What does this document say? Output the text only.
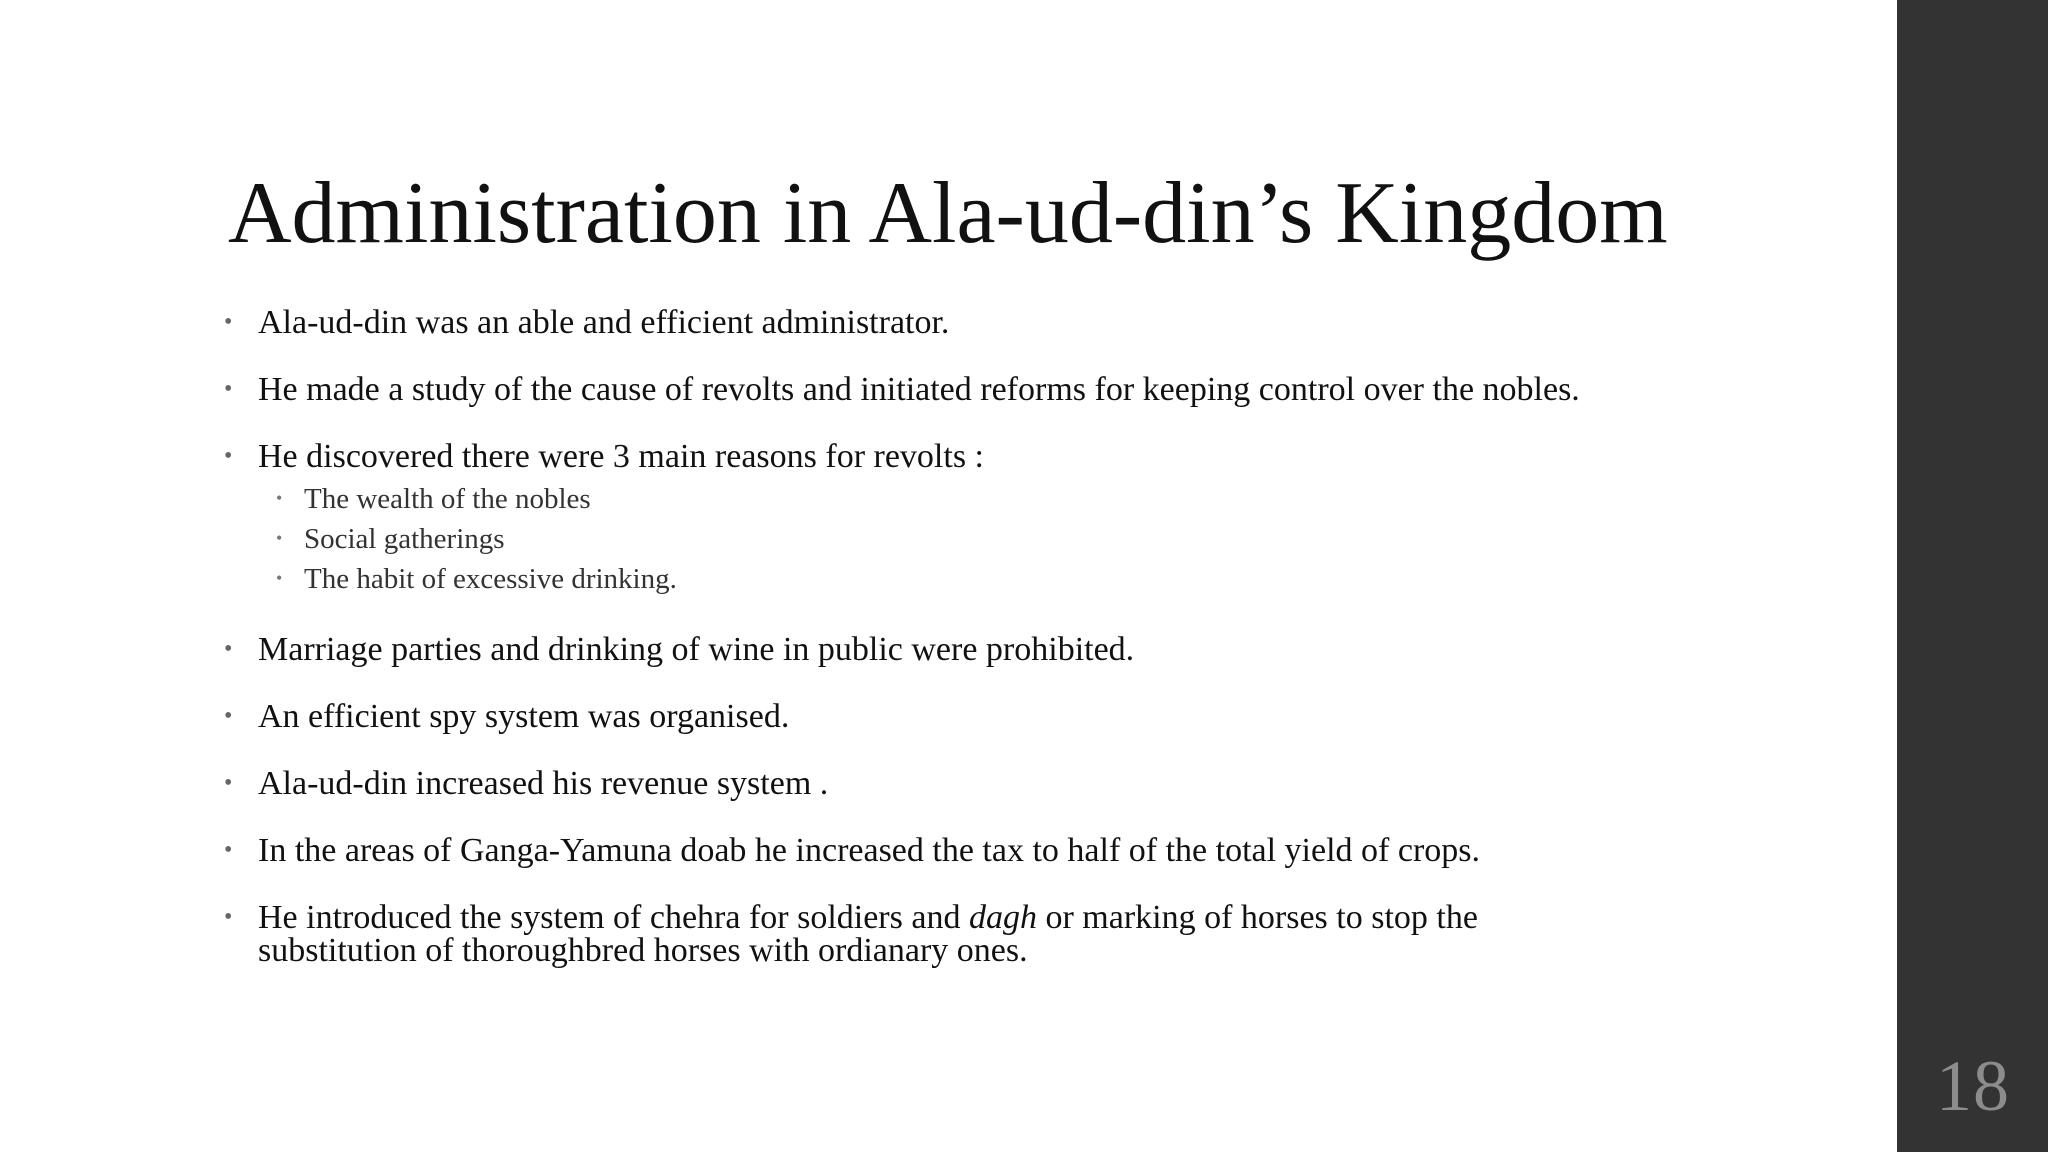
Administration in Ala-ud-din’s Kingdom
• Ala-ud-din was an able and efficient administrator.
• He made a study of the cause of revolts and initiated reforms for keeping control over the nobles.
• He discovered there were 3 main reasons for revolts :
• The wealth of the nobles
• Social gatherings
• The habit of excessive drinking.
• Marriage parties and drinking of wine in public were prohibited.
• An efficient spy system was organised.
• Ala-ud-din increased his revenue system .
• In the areas of Ganga-Yamuna doab he increased the tax to half of the total yield of crops.
• He introduced the system of chehra for soldiers and dagh or marking of horses to stop the substitution of thoroughbred horses with ordianary ones.
18
